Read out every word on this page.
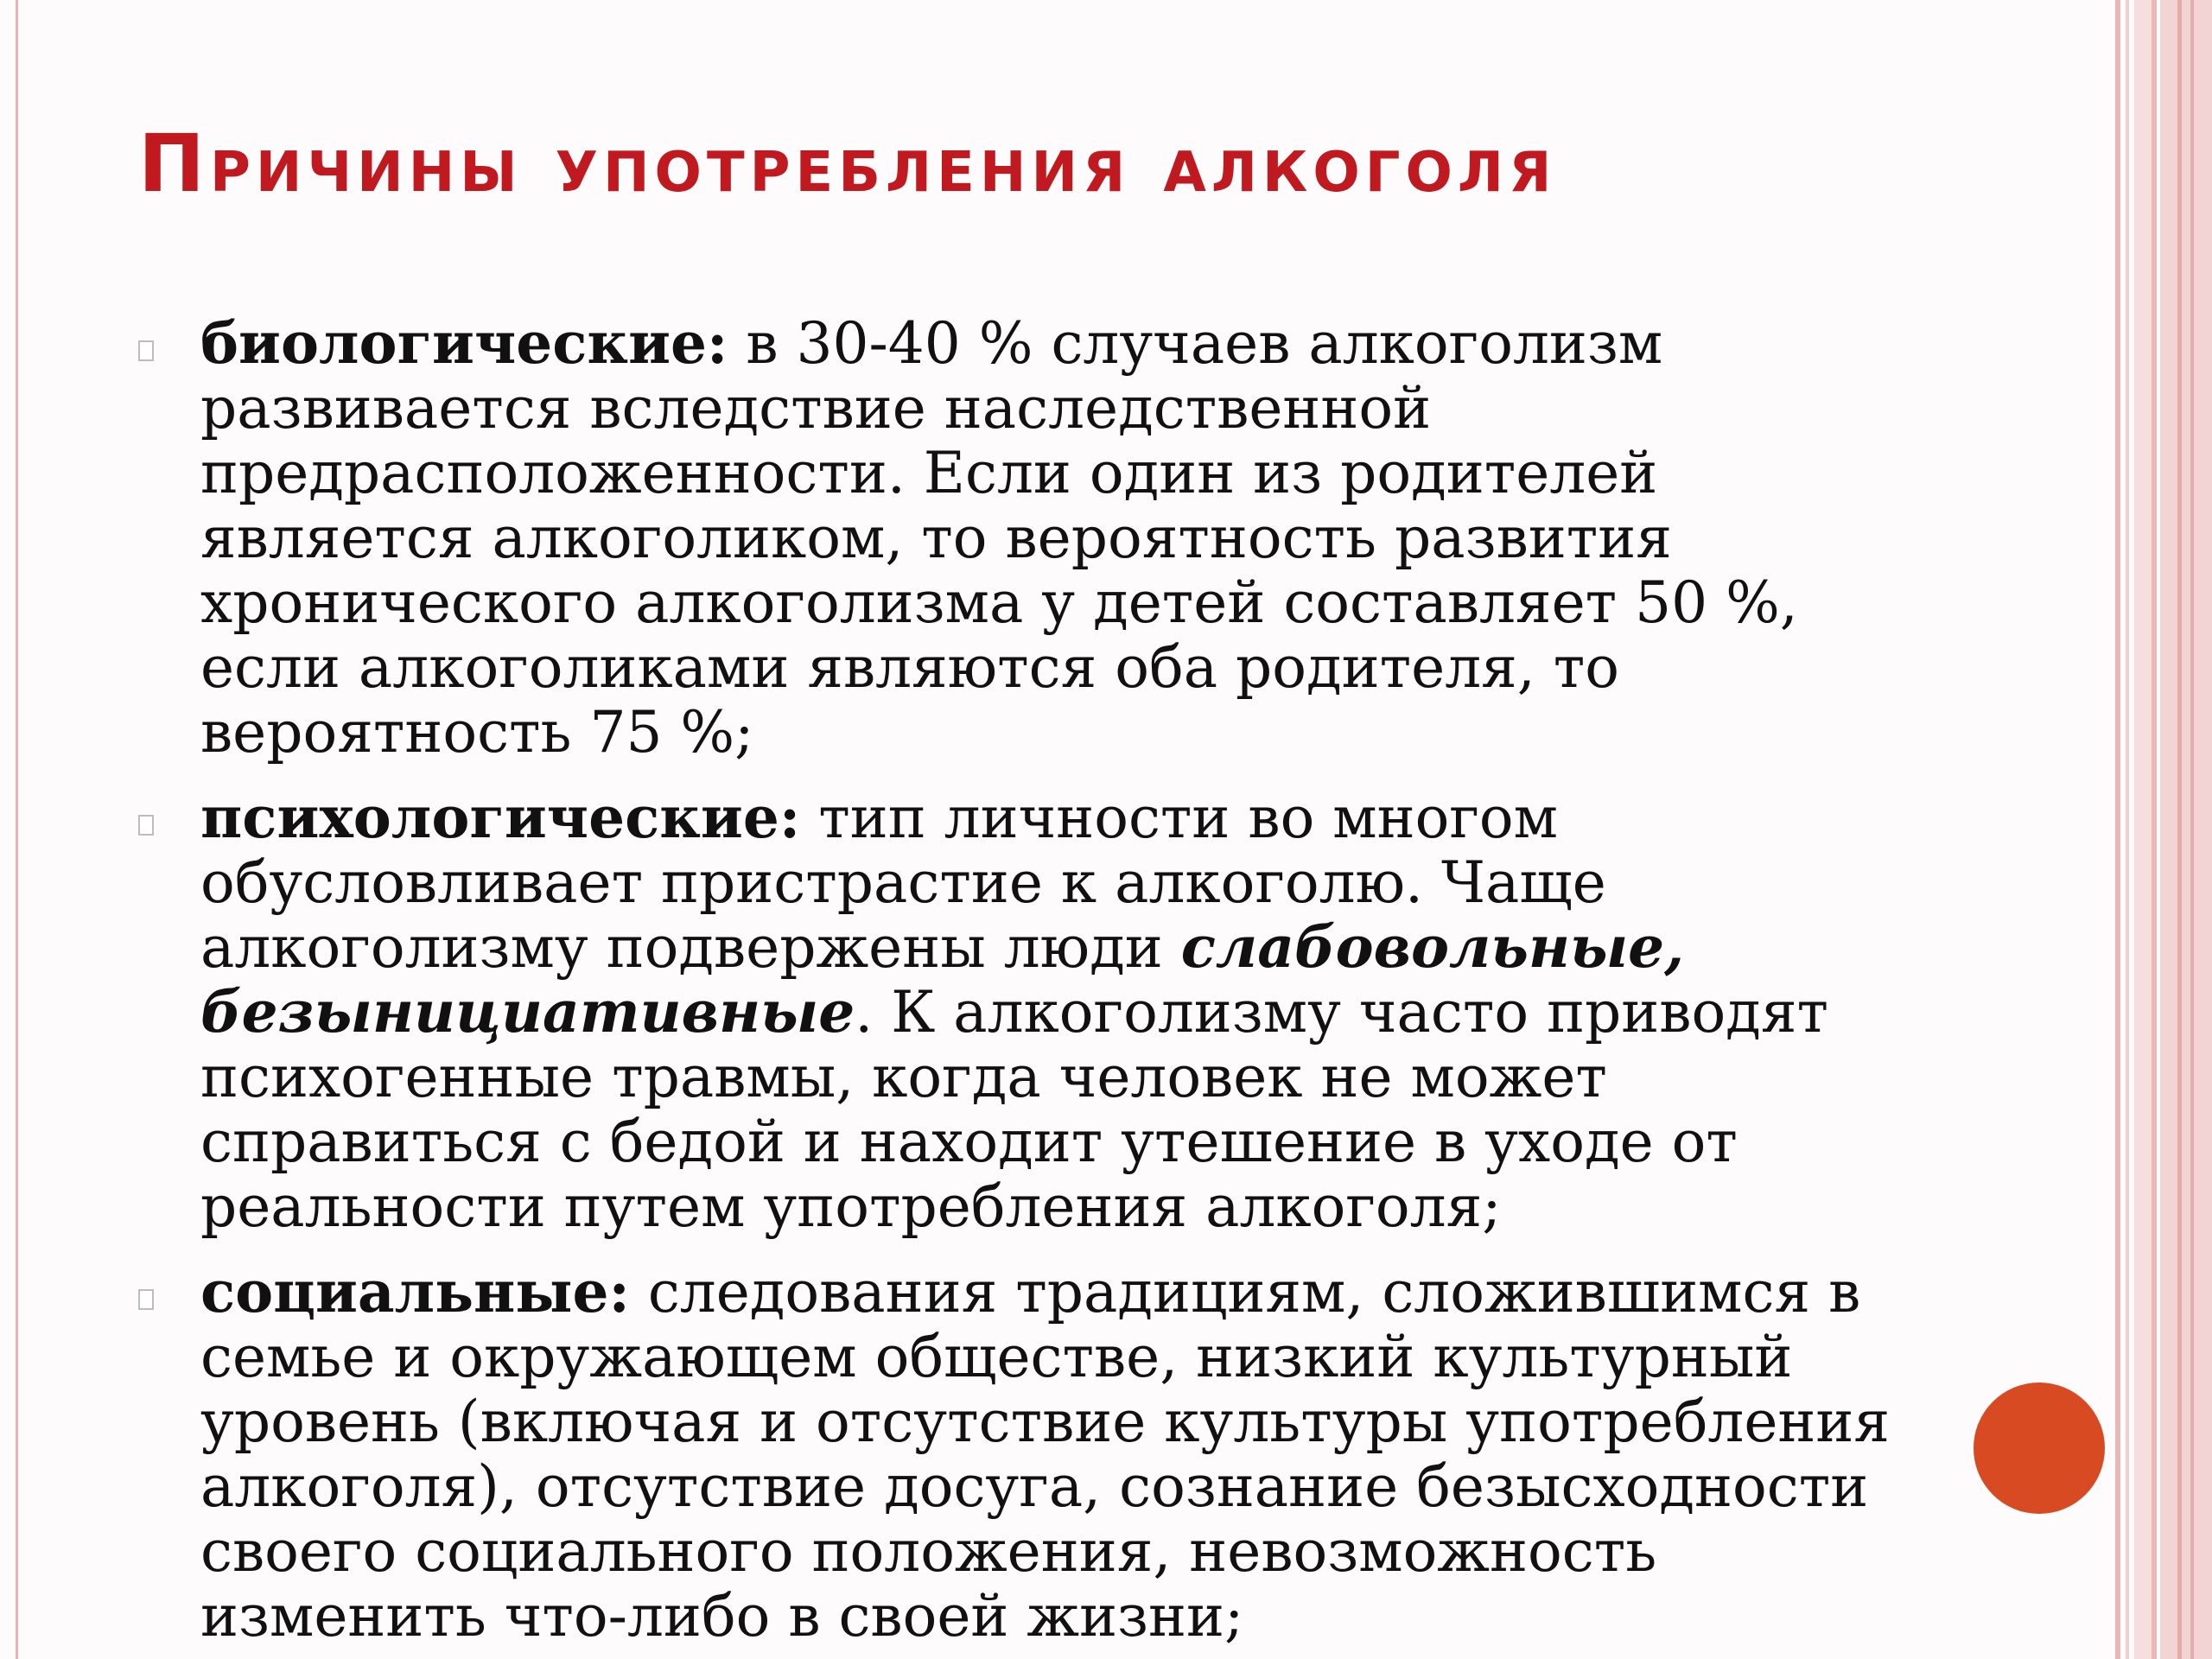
Причины употребления алкоголя
биологические: в 30-40 % случаев алкоголизм развивается вследствие наследственной предрасположенности. Если один из родителей является алкоголиком, то вероятность развития хронического алкоголизма у детей составляет 50 %, если алкоголиками являются оба родителя, то вероятность 75 %;
психологические: тип личности во многом обусловливает пристрастие к алкоголю. Чаще алкоголизму подвержены люди слабовольные, безынициативные. К алкоголизму часто приводят психогенные травмы, когда человек не может справиться с бедой и находит утешение в уходе от реальности путем употребления алкоголя;
социальные: следования традициям, сложившимся в семье и окружающем обществе, низкий культурный уровень (включая и отсутствие культуры употребления алкоголя), отсутствие досуга, сознание безысходности своего социального положения, невозможность изменить что-либо в своей жизни;
